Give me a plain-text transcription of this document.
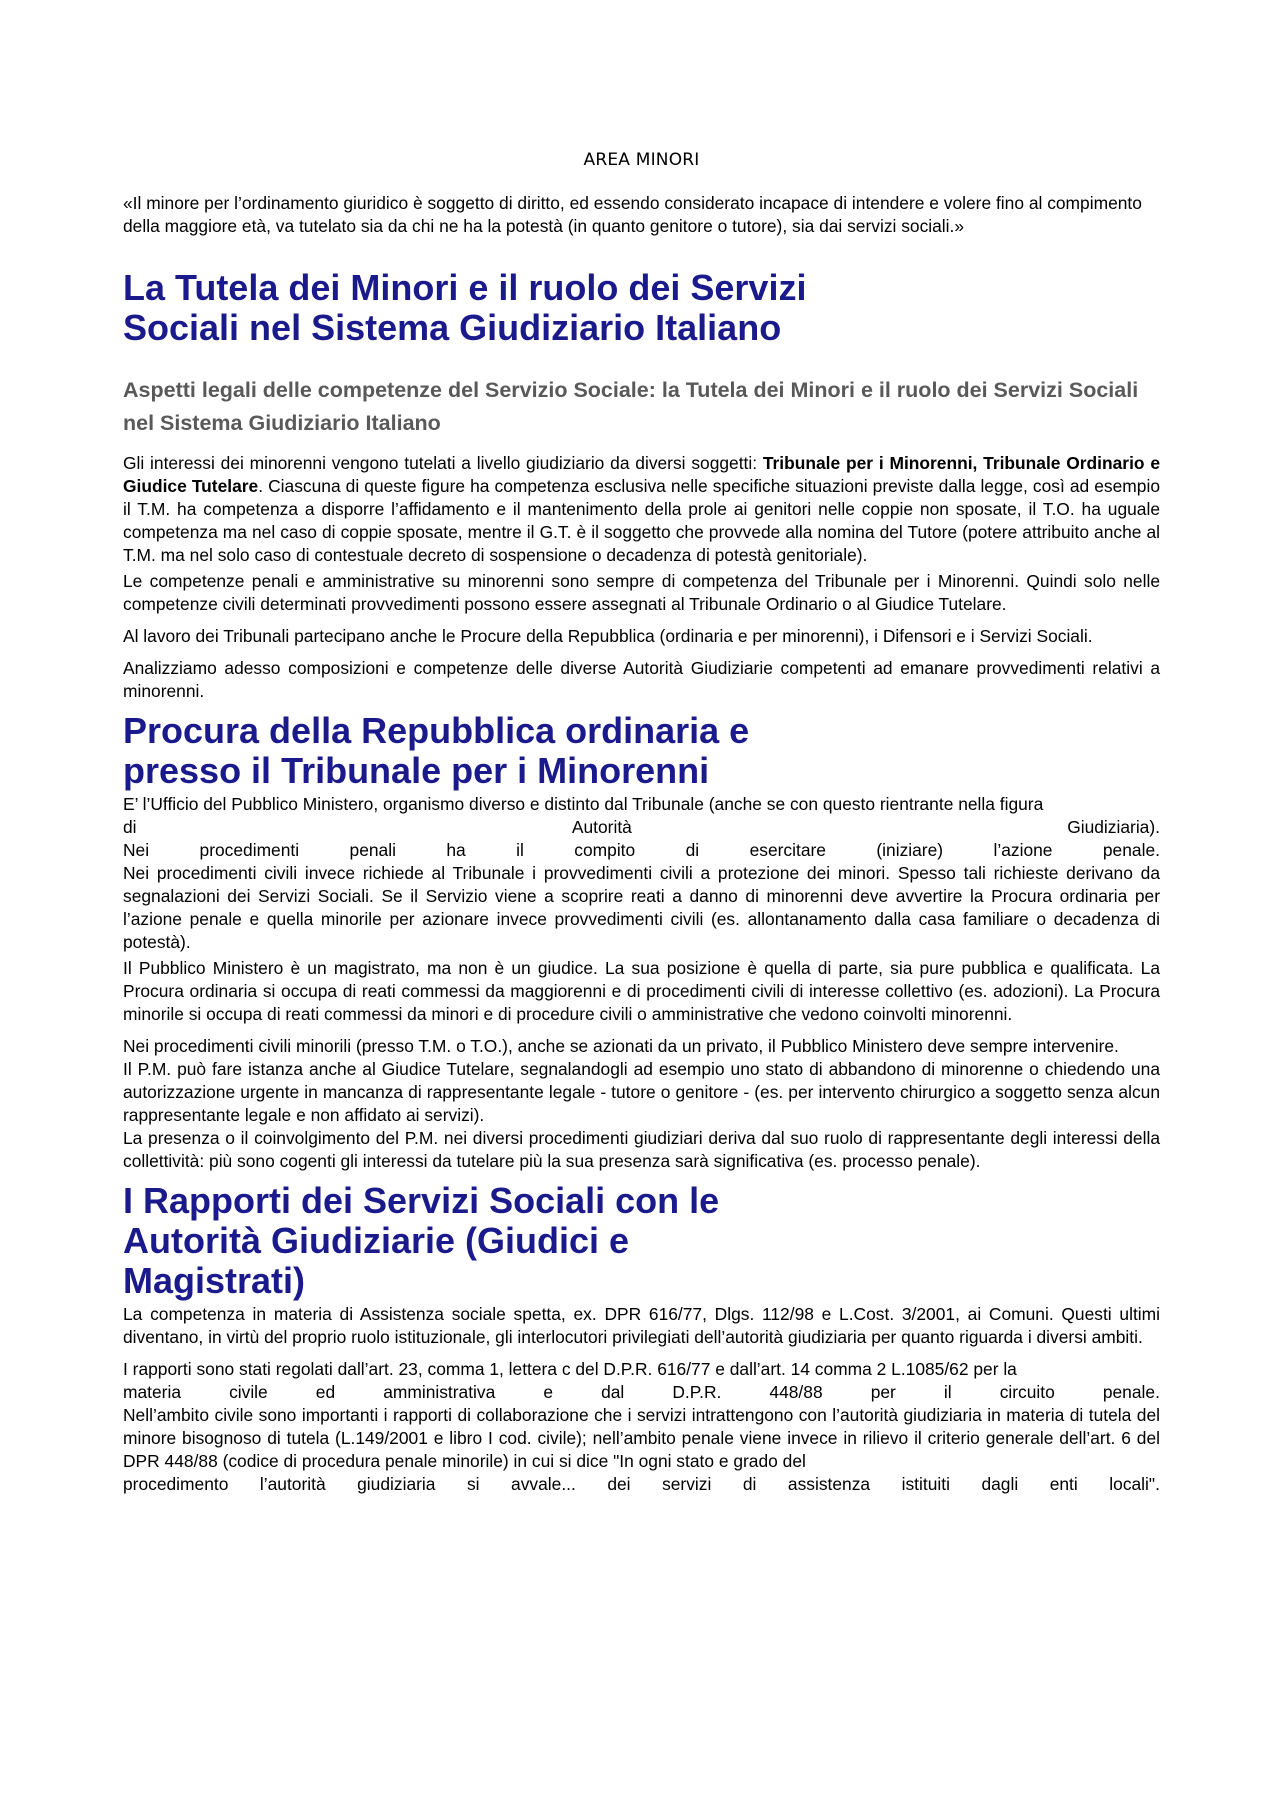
AREA MINORI

«Il minore per l’ordinamento giuridico è soggetto di diritto, ed essendo considerato incapace di intendere e volere fino al compimento della maggiore età, va tutelato sia da chi ne ha la potestà (in quanto genitore o tutore), sia dai servizi sociali.»

La Tutela dei Minori e il ruolo dei Servizi Sociali nel Sistema Giudiziario Italiano
Aspetti legali delle competenze del Servizio Sociale: la Tutela dei Minori e il ruolo dei Servizi Sociali nel Sistema Giudiziario Italiano

Gli interessi dei minorenni vengono tutelati a livello giudiziario da diversi soggetti: Tribunale per i Minorenni, Tribunale Ordinario e Giudice Tutelare. Ciascuna di queste figure ha competenza esclusiva nelle specifiche situazioni previste dalla legge, così ad esempio il T.M. ha competenza a disporre l’affidamento e il mantenimento della prole ai genitori nelle coppie non sposate, il T.O. ha uguale competenza ma nel caso di coppie sposate, mentre il G.T. è il soggetto che provvede alla nomina del Tutore (potere attribuito anche al T.M. ma nel solo caso di contestuale decreto di sospensione o decadenza di potestà genitoriale).

Le competenze penali e amministrative su minorenni sono sempre di competenza del Tribunale per i Minorenni. Quindi solo nelle competenze civili determinati provvedimenti possono essere assegnati al Tribunale Ordinario o al Giudice Tutelare.

Al lavoro dei Tribunali partecipano anche le Procure della Repubblica (ordinaria e per minorenni), i Difensori e i Servizi Sociali.

Analizziamo adesso composizioni e competenze delle diverse Autorità Giudiziarie competenti ad emanare provvedimenti relativi a minorenni.

Procura della Repubblica ordinaria e presso il Tribunale per i Minorenni

E’ l’Ufficio del Pubblico Ministero, organismo diverso e distinto dal Tribunale (anche se con questo rientrante nella figura

di	Autorità	Giudiziaria).
Nei	procedimenti	penali	ha	il	compito	di	esercitare	(iniziare)	l’azione	penale.

Nei procedimenti civili invece richiede al Tribunale i provvedimenti civili a protezione dei minori. Spesso tali richieste derivano da segnalazioni dei Servizi Sociali. Se il Servizio viene a scoprire reati a danno di minorenni deve avvertire la Procura ordinaria per l’azione penale e quella minorile per azionare invece provvedimenti civili (es. allontanamento dalla casa familiare o decadenza di potestà).

Il Pubblico Ministero è un magistrato, ma non è un giudice. La sua posizione è quella di parte, sia pure pubblica e qualificata. La Procura ordinaria si occupa di reati commessi da maggiorenni e di procedimenti civili di interesse collettivo (es. adozioni). La Procura minorile si occupa di reati commessi da minori e di procedure civili o amministrative che vedono coinvolti minorenni.

Nei procedimenti civili minorili (presso T.M. o T.O.), anche se azionati da un privato, il Pubblico Ministero deve sempre intervenire.

Il P.M. può fare istanza anche al Giudice Tutelare, segnalandogli ad esempio uno stato di abbandono di minorenne o chiedendo una autorizzazione urgente in mancanza di rappresentante legale - tutore o genitore - (es. per intervento chirurgico a soggetto senza alcun rappresentante legale e non affidato ai servizi).

La presenza o il coinvolgimento del P.M. nei diversi procedimenti giudiziari deriva dal suo ruolo di rappresentante degli interessi della collettività: più sono cogenti gli interessi da tutelare più la sua presenza sarà significativa (es. processo penale).

I Rapporti dei Servizi Sociali con le
Autorità Giudiziarie (Giudici e
Magistrati)

La competenza in materia di Assistenza sociale spetta, ex. DPR 616/77, Dlgs. 112/98 e L.Cost. 3/2001, ai Comuni. Questi ultimi diventano, in virtù del proprio ruolo istituzionale, gli interlocutori privilegiati dell’autorità giudiziaria per quanto riguarda i diversi ambiti.

I rapporti sono stati regolati dall’art. 23, comma 1, lettera c del D.P.R. 616/77 e dall’art. 14 comma 2 L.1085/62 per la

materia	civile	ed	amministrativa	e	dal	D.P.R.	448/88	per	il	circuito	penale.

Nell’ambito civile sono importanti i rapporti di collaborazione che i servizi intrattengono con l’autorità giudiziaria in materia di tutela del minore bisognoso di tutela (L.149/2001 e libro I cod. civile); nell’ambito penale viene invece in rilievo il criterio generale dell’art. 6 del DPR 448/88 (codice di procedura penale minorile) in cui si dice "In ogni stato e grado del

procedimento l’autorità giudiziaria si avvale... dei servizi di assistenza istituiti dagli enti locali".
